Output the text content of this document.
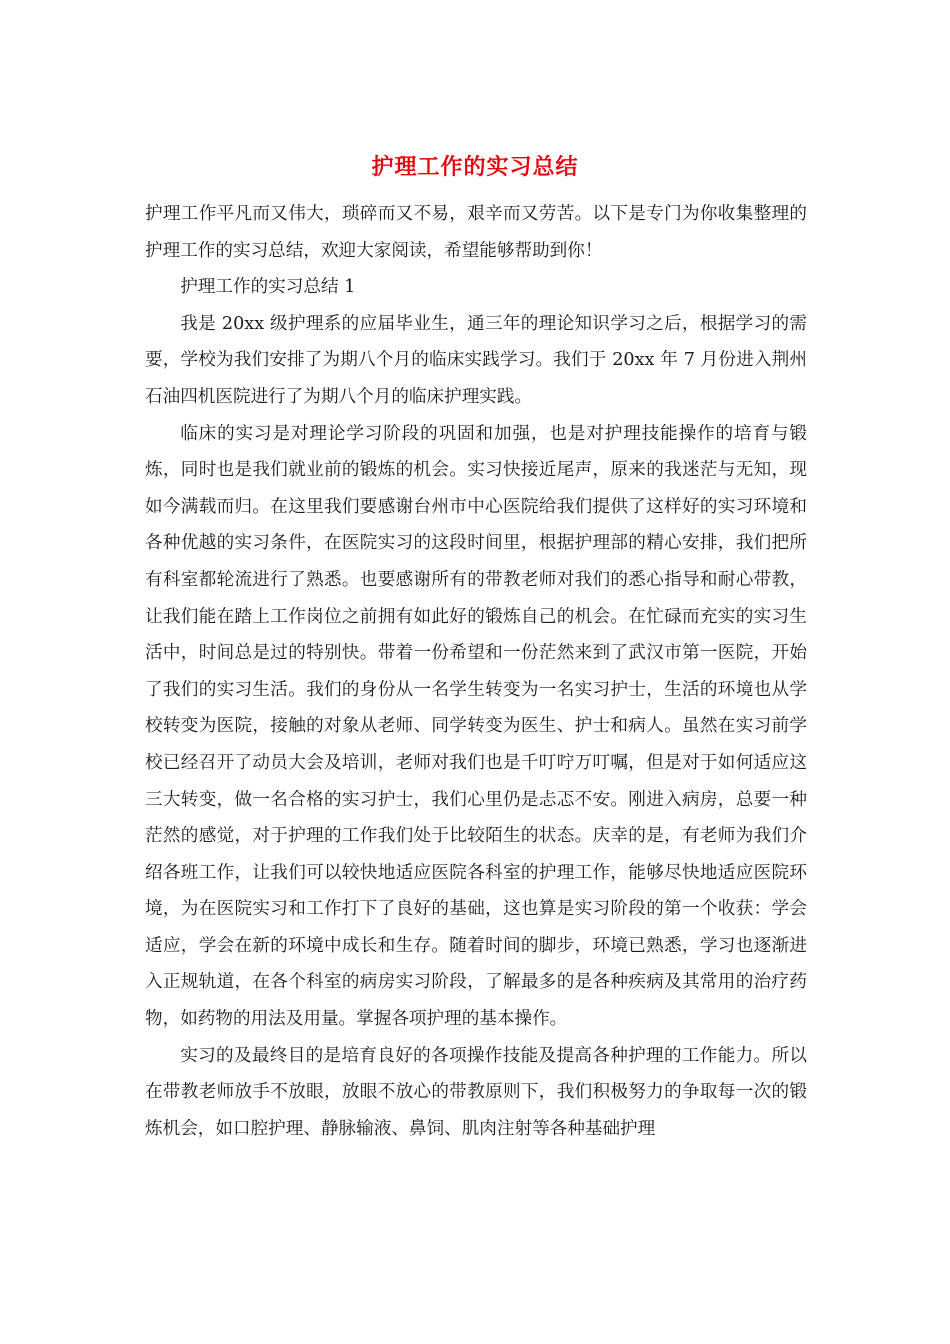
护理工作的实习总结

护理工作平凡而又伟大，琐碎而又不易，艰辛而又劳苦。以下是专门为你收集整理的护理工作的实习总结，欢迎大家阅读，希望能够帮助到你！

护理工作的实习总结 1

我是 20xx 级护理系的应届毕业生，通三年的理论知识学习之后，根据学习的需要，学校为我们安排了为期八个月的临床实践学习。我们于 20xx 年 7 月份进入荆州石油四机医院进行了为期八个月的临床护理实践。

临床的实习是对理论学习阶段的巩固和加强，也是对护理技能操作的培育与锻炼，同时也是我们就业前的锻炼的机会。实习快接近尾声，原来的我迷茫与无知，现如今满载而归。在这里我们要感谢台州市中心医院给我们提供了这样好的实习环境和各种优越的实习条件，在医院实习的这段时间里，根据护理部的精心安排，我们把所有科室都轮流进行了熟悉。也要感谢所有的带教老师对我们的悉心指导和耐心带教，让我们能在踏上工作岗位之前拥有如此好的锻炼自己的机会。在忙碌而充实的实习生活中，时间总是过的特别快。带着一份希望和一份茫然来到了武汉市第一医院，开始了我们的实习生活。我们的身份从一名学生转变为一名实习护士，生活的环境也从学校转变为医院，接触的对象从老师、同学转变为医生、护士和病人。虽然在实习前学校已经召开了动员大会及培训，老师对我们也是千叮咛万叮嘱，但是对于如何适应这三大转变，做一名合格的实习护士，我们心里仍是忐忑不安。刚进入病房，总要一种茫然的感觉，对于护理的工作我们处于比较陌生的状态。庆幸的是，有老师为我们介绍各班工作，让我们可以较快地适应医院各科室的护理工作，能够尽快地适应医院环境，为在医院实习和工作打下了良好的基础，这也算是实习阶段的第一个收获：学会适应，学会在新的环境中成长和生存。随着时间的脚步，环境已熟悉，学习也逐渐进入正规轨道，在各个科室的病房实习阶段，了解最多的是各种疾病及其常用的治疗药物，如药物的用法及用量。掌握各项护理的基本操作。

实习的及最终目的是培育良好的各项操作技能及提高各种护理的工作能力。所以在带教老师放手不放眼，放眼不放心的带教原则下，我们积极努力的争取每一次的锻炼机会，如口腔护理、静脉输液、鼻饲、肌肉注射等各种基础护理
